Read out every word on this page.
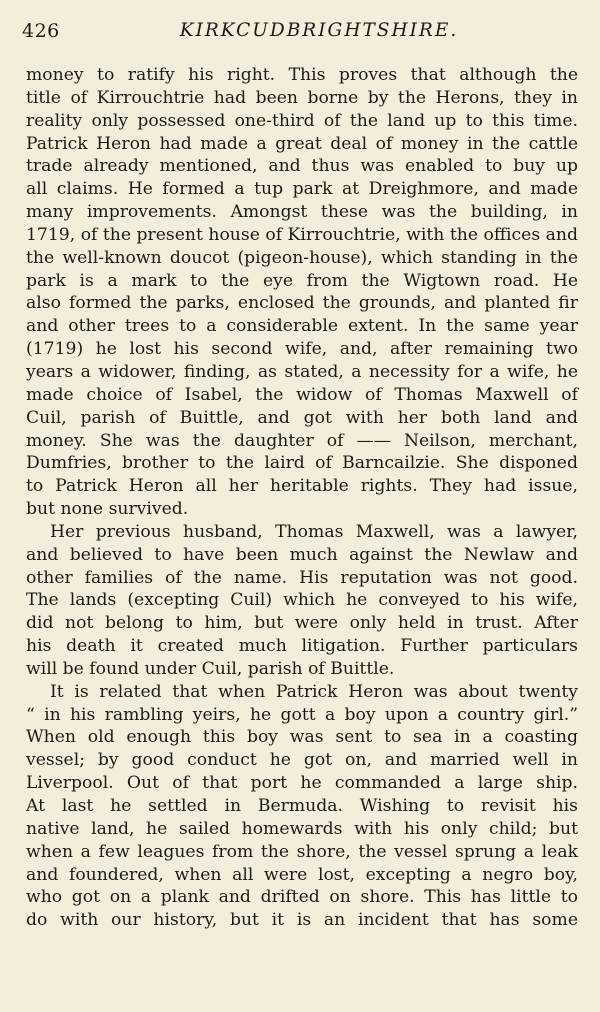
426	KIRKCUDBRIGHTSHIRE.
money to ratify his right. This proves that although the
title of Kirrouchtrie had been borne by the Herons, they in
reality only possessed one-third of the land up to this time.
Patrick Heron had made a great deal of money in the cattle
trade already mentioned, and thus was enabled to buy up
all claims. He formed a tup park at Dreighmore, and made
many improvements. Amongst these was the building, in
1719, of the present house of Kirrouchtrie, with the offices and
the well-known doucot (pigeon-house), which standing in the
park is a mark to the eye from the Wigtown road. He
also formed the parks, enclosed the grounds, and planted fir
and other trees to a considerable extent. In the same year
(1719) he lost his second wife, and, after remaining two
years a widower, finding, as stated, a necessity for a wife, he
made choice of Isabel, the widow of Thomas Maxwell of
Cuil, parish of Buittle, and got with her both land and
money. She was the daughter of —— Neilson, merchant,
Dumfries, brother to the laird of Barncailzie. She disponed
to Patrick Heron all her heritable rights. They had issue,
but none survived.
Her previous husband, Thomas Maxwell, was a lawyer,
and believed to have been much against the Newlaw and
other families of the name. His reputation was not good.
The lands (excepting Cuil) which he conveyed to his wife,
did not belong to him, but were only held in trust. After
his death it created much litigation. Further particulars
will be found under Cuil, parish of Buittle.
It is related that when Patrick Heron was about twenty
“ in his rambling yeirs, he gott a boy upon a country girl.”
When old enough this boy was sent to sea in a coasting
vessel; by good conduct he got on, and married well in
Liverpool. Out of that port he commanded a large ship.
At last he settled in Bermuda. Wishing to revisit his
native land, he sailed homewards with his only child; but
when a few leagues from the shore, the vessel sprung a leak
and foundered, when all were lost, excepting a negro boy,
who got on a plank and drifted on shore. This has little to
do with our history, but it is an incident that has some
